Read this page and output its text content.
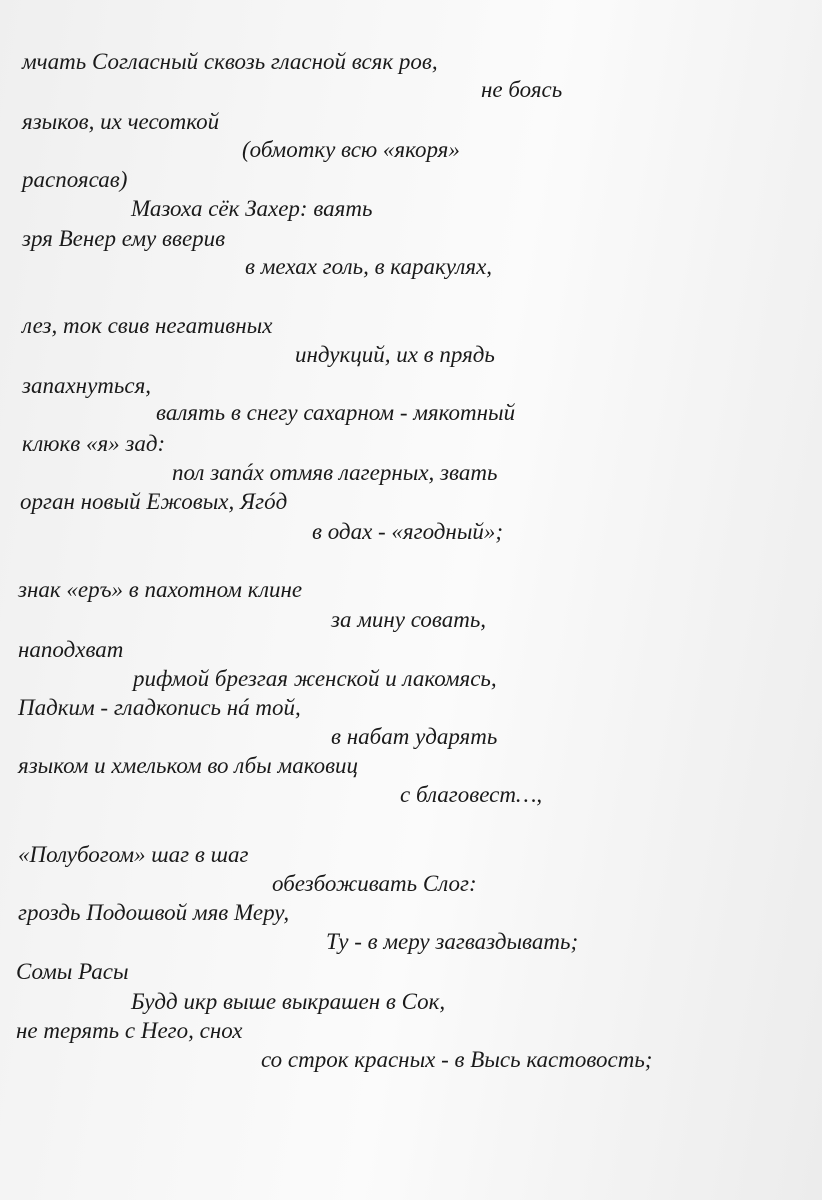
мчать Согласный сквозь гласной всяк ров,
не боясь
языков, их чесоткой
(обмотку всю «якоря»
распоясав)
Мазоха сёк Захер: ваять
зря Венер ему вверив
в мехах голь, в каракулях,
лез, ток свив негативных
индукций, их в прядь
запахнуться,
валять в снегу сахарном - мякотный
клюкв «я» зад:
пол запáх отмяв лагерных, звать
орган новый Ежовых, Ягóд
в одах - «ягодный»;
знак «еръ» в пахотном клине
за мину совать,
наподхват
рифмой брезгая женской и лакомясь,
Падким - гладкопись нá той,
в набат ударять
языком и хмельком во лбы маковиц
с благовест…,
«Полубогом» шаг в шаг
обезбоживать Слог:
гроздь Подошвой мяв Меру,
Ту - в меру загваздывать;
Сомы Расы
Будд икр выше выкрашен в Сок,
не терять с Него, снох
со строк красных - в Высь кастовость;
